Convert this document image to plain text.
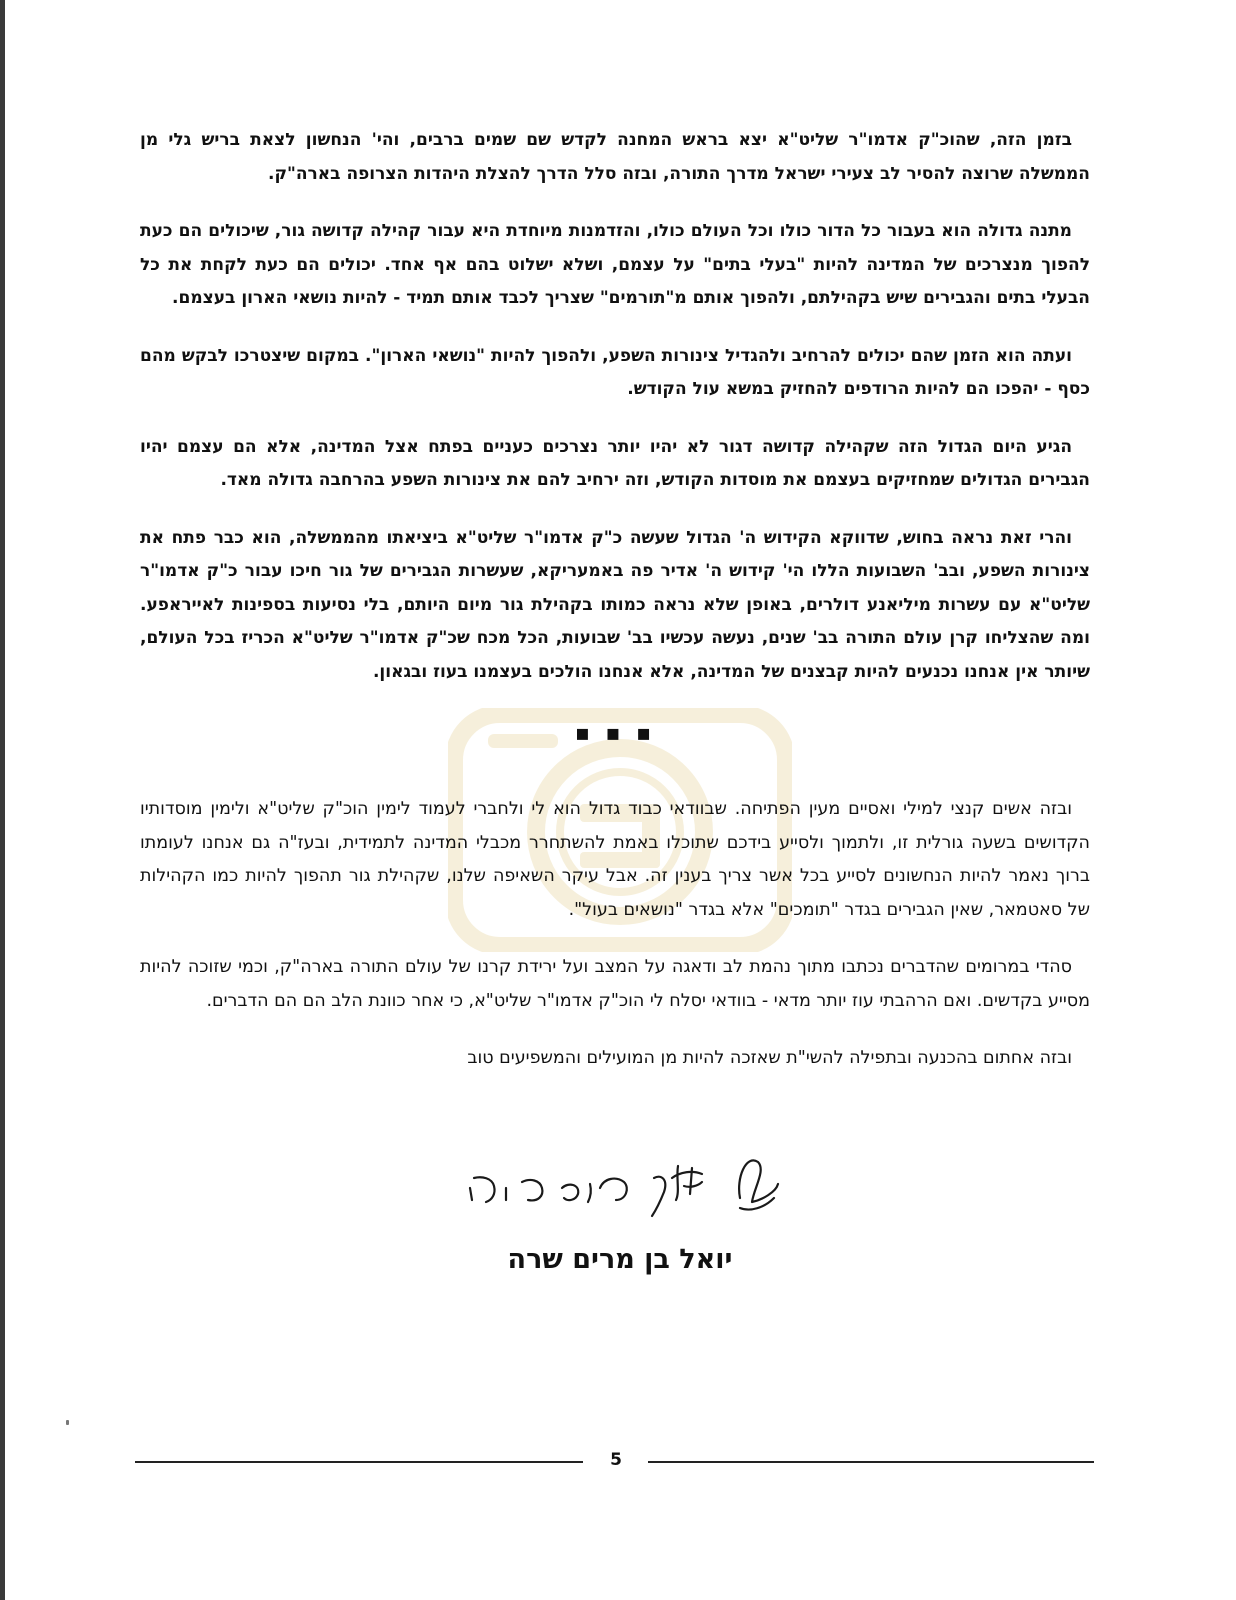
בזמן הזה, שהוכ"ק אדמו"ר שליט"א יצא בראש המחנה לקדש שם שמים ברבים, והי' הנחשון לצאת בריש גלי מן הממשלה שרוצה להסיר לב צעירי ישראל מדרך התורה, ובזה סלל הדרך להצלת היהדות הצרופה בארה"ק.

מתנה גדולה הוא בעבור כל הדור כולו וכל העולם כולו, והזדמנות מיוחדת היא עבור קהילה קדושה גור, שיכולים הם כעת להפוך מנצרכים של המדינה להיות "בעלי בתים" על עצמם, ושלא ישלוט בהם אף אחד. יכולים הם כעת לקחת את כל הבעלי בתים והגבירים שיש בקהילתם, ולהפוך אותם מ"תורמים" שצריך לכבד אותם תמיד - להיות נושאי הארון בעצמם.

ועתה הוא הזמן שהם יכולים להרחיב ולהגדיל צינורות השפע, ולהפוך להיות "נושאי הארון". במקום שיצטרכו לבקש מהם כסף - יהפכו הם להיות הרודפים להחזיק במשא עול הקודש.

הגיע היום הגדול הזה שקהילה קדושה דגור לא יהיו יותר נצרכים כעניים בפתח אצל המדינה, אלא הם עצמם יהיו הגבירים הגדולים שמחזיקים בעצמם את מוסדות הקודש, וזה ירחיב להם את צינורות השפע בהרחבה גדולה מאד.

והרי זאת נראה בחוש, שדווקא הקידוש ה' הגדול שעשה כ"ק אדמו"ר שליט"א ביציאתו מהממשלה, הוא כבר פתח את צינורות השפע, ובב' השבועות הללו הי' קידוש ה' אדיר פה באמעריקא, שעשרות הגבירים של גור חיכו עבור כ"ק אדמו"ר שליט"א עם עשרות מיליאנע דולרים, באופן שלא נראה כמותו בקהילת גור מיום היותם, בלי נסיעות בספינות לאייראפע. ומה שהצליחו קרן עולם התורה בב' שנים, נעשה עכשיו בב' שבועות, הכל מכח שכ"ק אדמו"ר שליט"א הכריז בכל העולם, שיותר אין אנחנו נכנעים להיות קבצנים של המדינה, אלא אנחנו הולכים בעצמנו בעוז ובגאון.

▪ ▪ ▪

ובזה אשים קנצי למילי ואסיים מעין הפתיחה. שבוודאי כבוד גדול הוא לי ולחברי לעמוד לימין הוכ"ק שליט"א ולימין מוסדותיו הקדושים בשעה גורלית זו, ולתמוך ולסייע בידכם שתוכלו באמת להשתחרר מכבלי המדינה לתמידית, ובעז"ה גם אנחנו לעומתו ברוך נאמר להיות הנחשונים לסייע בכל אשר צריך בענין זה. אבל עיקר השאיפה שלנו, שקהילת גור תהפוך להיות כמו הקהילות של סאטמאר, שאין הגבירים בגדר "תומכים" אלא בגדר "נושאים בעול".

סהדי במרומים שהדברים נכתבו מתוך נהמת לב ודאגה על המצב ועל ירידת קרנו של עולם התורה בארה"ק, וכמי שזוכה להיות מסייע בקדשים. ואם הרהבתי עוז יותר מדאי - בוודאי יסלח לי הוכ"ק אדמו"ר שליט"א, כי אחר כוונת הלב הם הם הדברים.

ובזה אחתום בהכנעה ובתפילה להשי"ת שאזכה להיות מן המועילים והמשפיעים טוב

יואל בן מרים שרה
יואל בן מרים שרה
5
